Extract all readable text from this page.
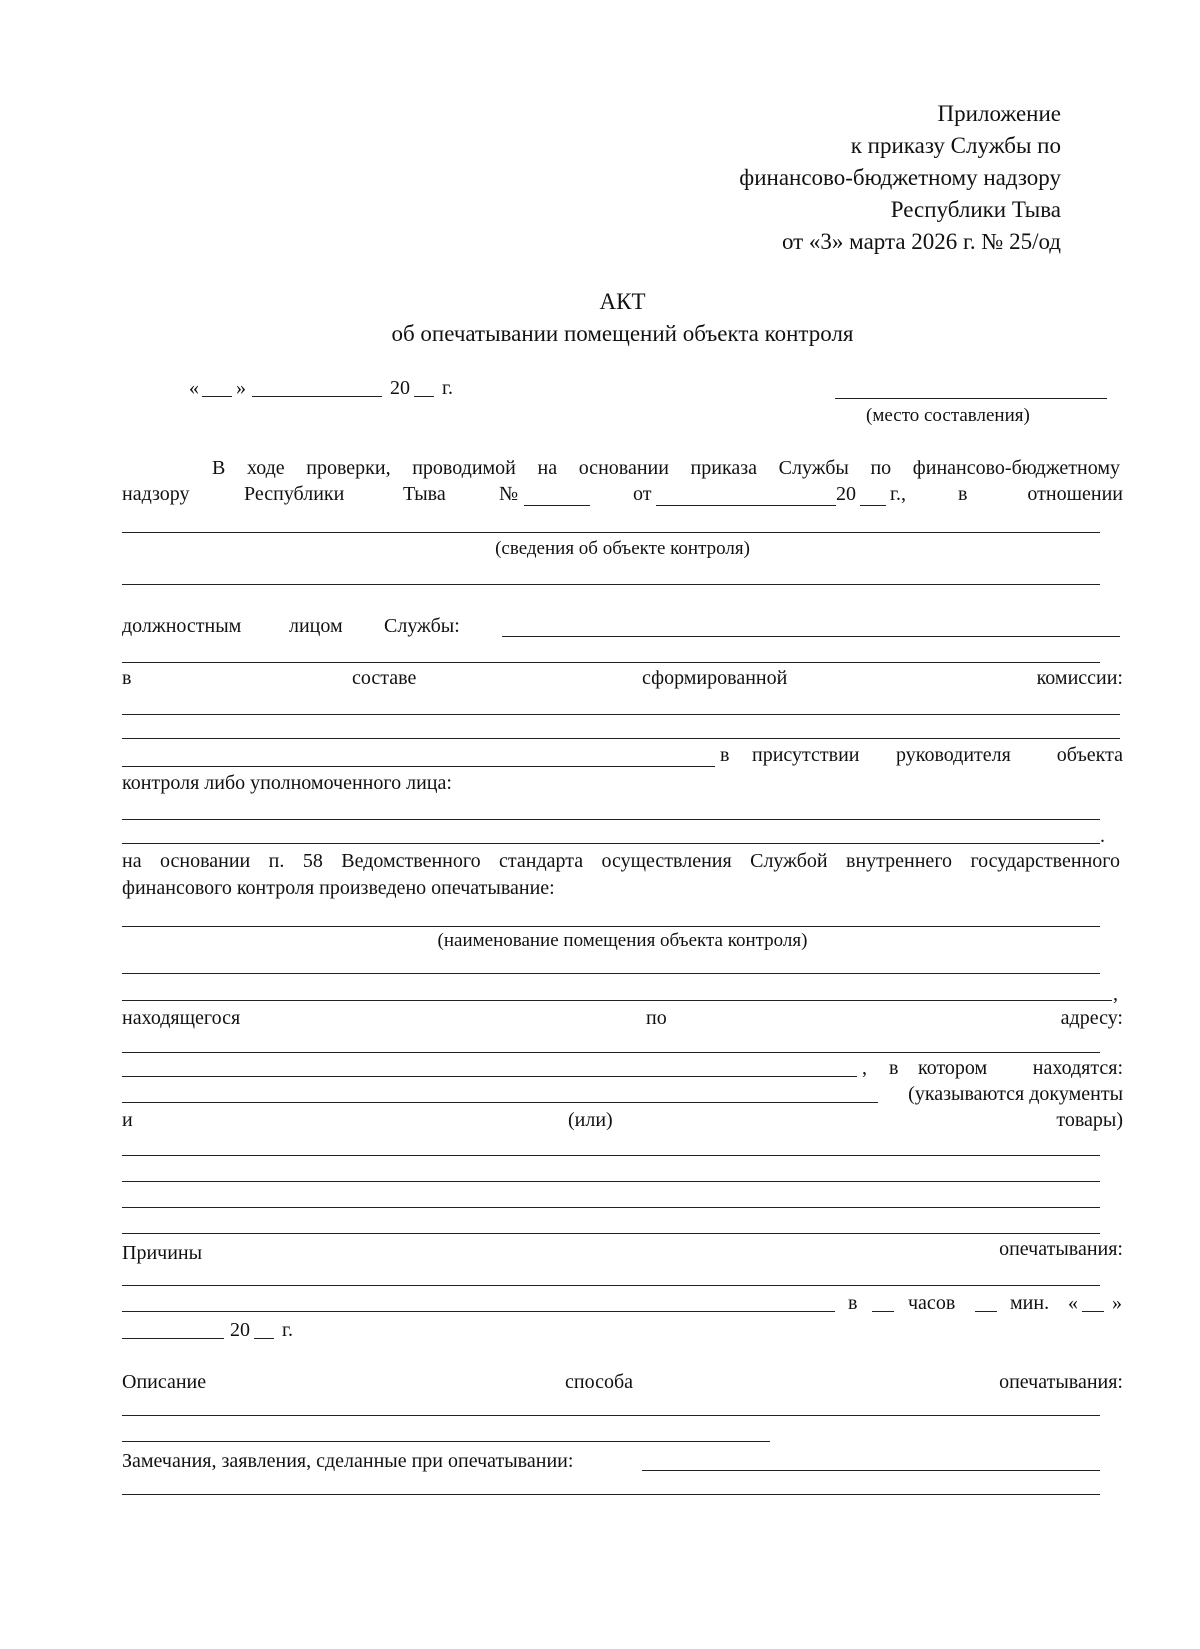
Приложение
к приказу Службы по
финансово-бюджетному надзору
Республики Тыва
от «3» марта 2026 г. № 25/од
АКТ
об опечатывании помещений объекта контроля
« »	20 г.
(место составления)
В ходе проверки, проводимой на основании приказа Службы по финансово-бюджетному
надзору	Республики	Тыва	№	от	20 г.,	в	отношении
(сведения об объекте контроля)
должностным лицом Службы:
в	составе	сформированной	комиссии:
в присутствии руководителя объекта
контроля либо уполномоченного лица:
.
на основании п. 58 Ведомственного стандарта осуществления Службой внутреннего государственного
финансового контроля произведено опечатывание:
(наименование помещения объекта контроля)
,
находящегося	по	адресу:
, в котором находятся:
(указываются документы
и	(или)	товары)
Причины	опечатывания:
в	часов	мин. « »
20 г.
Описание	способа	опечатывания:
Замечания, заявления, сделанные при опечатывании:
